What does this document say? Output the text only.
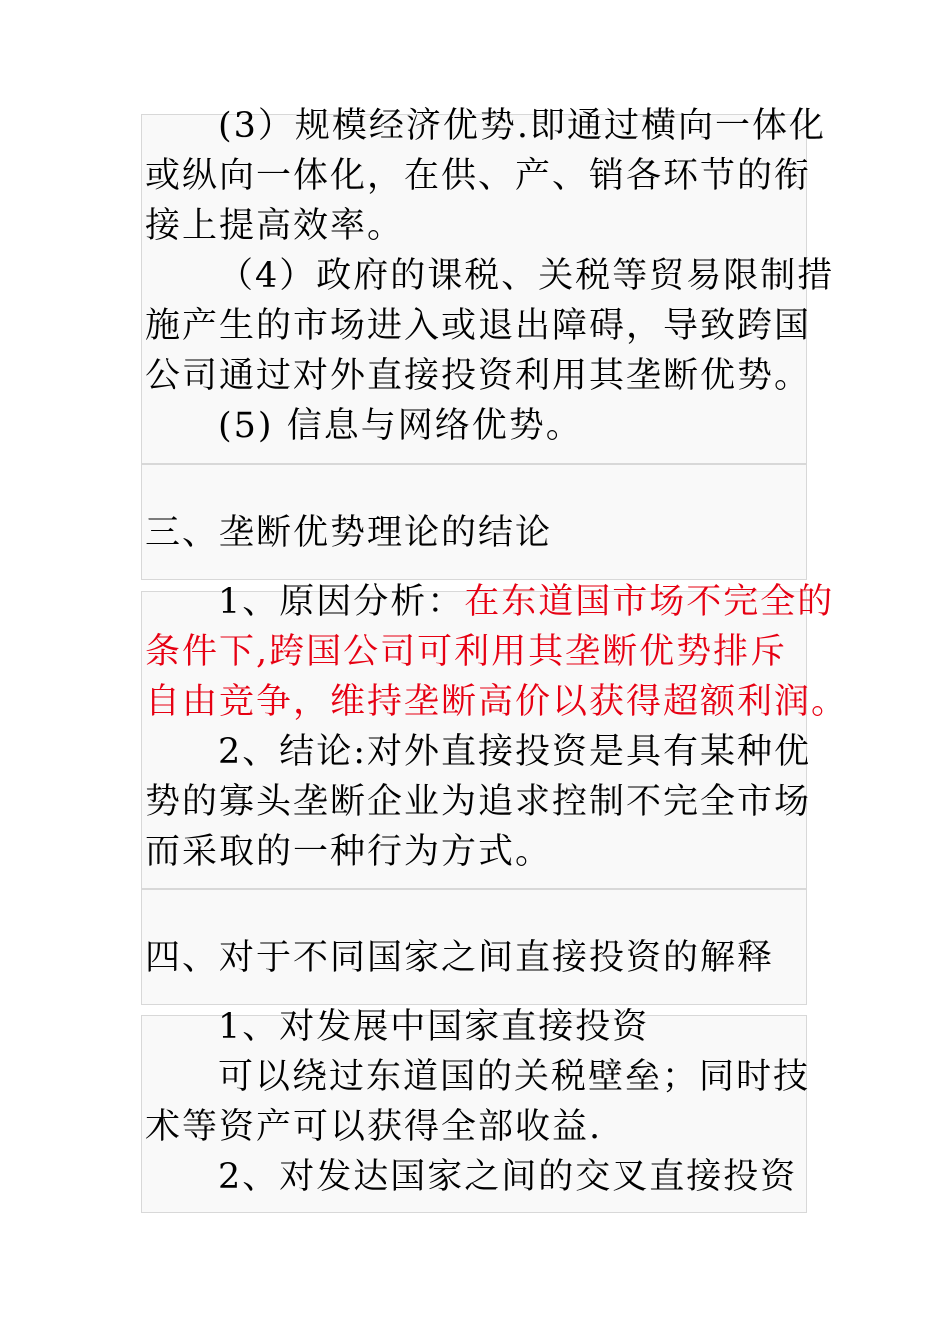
(3）规模经济优势.即通过横向一体化

或纵向一体化，在供、产、销各环节的衔

接上提高效率。

（4）政府的课税、关税等贸易限制措

施产生的市场进入或退出障碍，导致跨国

公司通过对外直接投资利用其垄断优势。

(5) 信息与网络优势。

三、垄断优势理论的结论

1、原因分析：在东道国市场不完全的

条件下,跨国公司可利用其垄断优势排斥

自由竞争，维持垄断高价以获得超额利润。

2、结论:对外直接投资是具有某种优

势的寡头垄断企业为追求控制不完全市场

而采取的一种行为方式。

四、对于不同国家之间直接投资的解释

1、对发展中国家直接投资

可以绕过东道国的关税壁垒；同时技

术等资产可以获得全部收益.

2、对发达国家之间的交叉直接投资
